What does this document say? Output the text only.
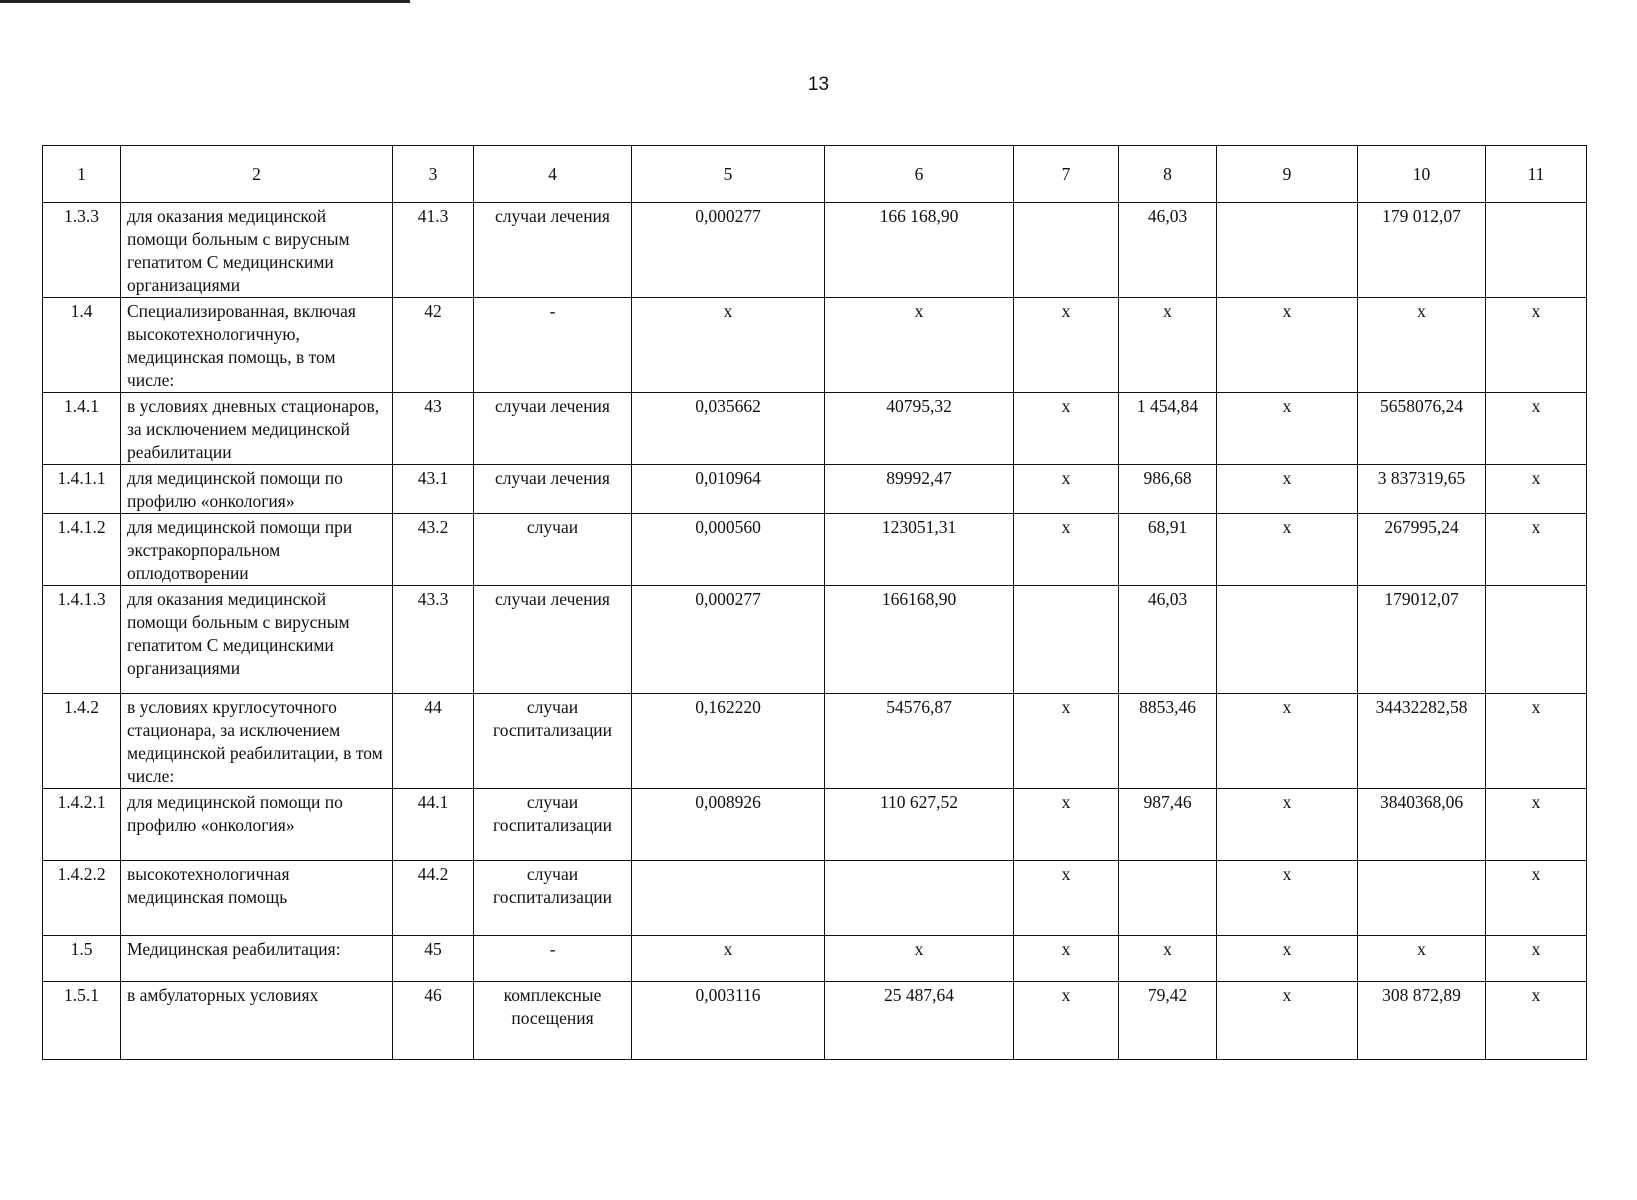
13
1	2	3	4	5	6	7	8	9	10	11
1.3.3	для оказания медицинской помощи больным с вирусным гепатитом С медицинскими организациями	41.3	случаи лечения	0,000277	166 168,90		46,03		179 012,07	
1.4	Специализированная, включая высокотехнологичную, медицинская помощь, в том числе:	42	-	х	х	х	х	х	х	х
1.4.1	в условиях дневных стационаров, за исключением медицинской реабилитации	43	случаи лечения	0,035662	40795,32	х	1 454,84	х	5658076,24	х
1.4.1.1	для медицинской помощи по профилю «онкология»	43.1	случаи лечения	0,010964	89992,47	х	986,68	х	3 837319,65	х
1.4.1.2	для медицинской помощи при экстракорпоральном оплодотворении	43.2	случаи	0,000560	123051,31	х	68,91	х	267995,24	х
1.4.1.3	для оказания медицинской помощи больным с вирусным гепатитом С медицинскими организациями	43.3	случаи лечения	0,000277	166168,90		46,03		179012,07	
1.4.2	в условиях круглосуточного стационара, за исключением медицинской реабилитации, в том числе:	44	случаи госпитализации	0,162220	54576,87	х	8853,46	х	34432282,58	х
1.4.2.1	для медицинской помощи по профилю «онкология»	44.1	случаи госпитализации	0,008926	110 627,52	х	987,46	х	3840368,06	х
1.4.2.2	высокотехнологичная медицинская помощь	44.2	случаи госпитализации			х		х		х
1.5	Медицинская реабилитация:	45	-	х	х	х	х	х	х	х
1.5.1	в амбулаторных условиях	46	комплексные посещения	0,003116	25 487,64	х	79,42	х	308 872,89	х
